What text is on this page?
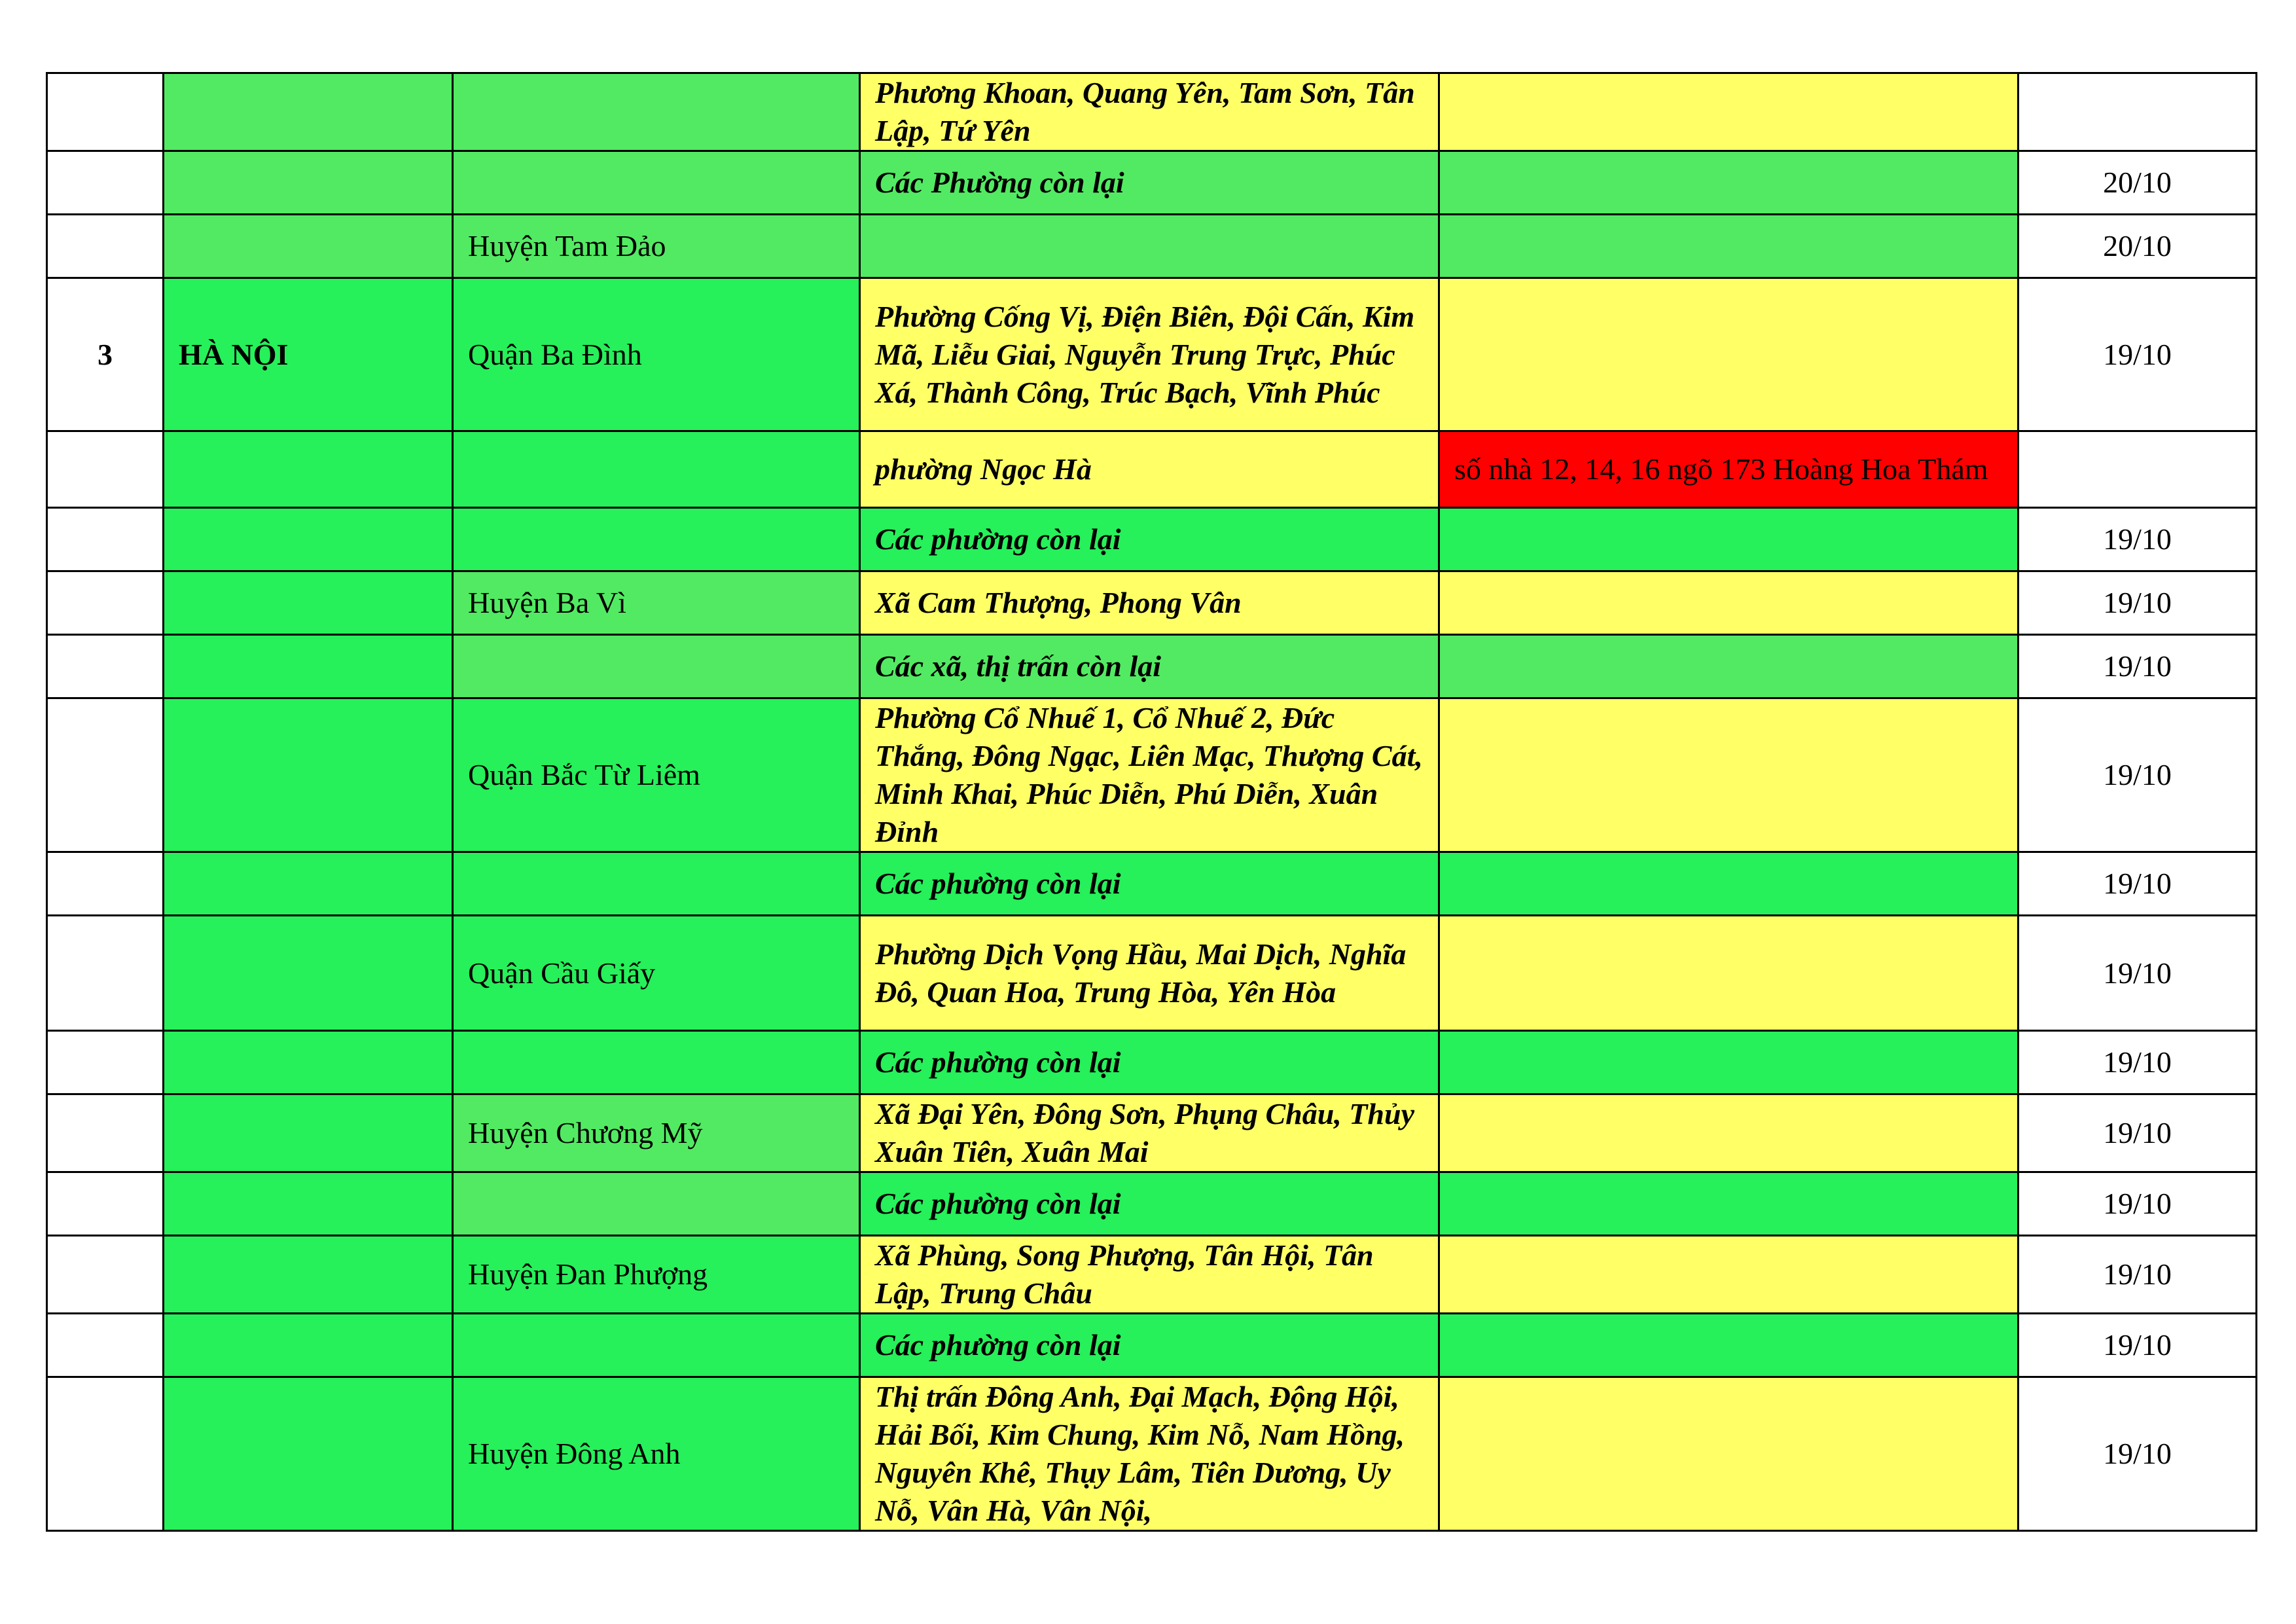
			Phương Khoan, Quang Yên, Tam Sơn, Tân Lập, Tứ Yên		
			Các Phường còn lại		20/10
		Huyện Tam Đảo			20/10
3	HÀ NỘI	Quận Ba Đình	Phường Cống Vị, Điện Biên, Đội Cấn, Kim Mã, Liễu Giai, Nguyễn Trung Trực, Phúc Xá, Thành Công, Trúc Bạch, Vĩnh Phúc		19/10
			phường Ngọc Hà	số nhà 12, 14, 16 ngõ 173 Hoàng Hoa Thám	
			Các phường còn lại		19/10
		Huyện Ba Vì	Xã Cam Thượng, Phong Vân		19/10
			Các xã, thị trấn còn lại		19/10
		Quận Bắc Từ Liêm	Phường Cổ Nhuế 1, Cổ Nhuế 2, Đức Thắng, Đông Ngạc, Liên Mạc, Thượng Cát, Minh Khai, Phúc Diễn, Phú Diễn, Xuân Đỉnh		19/10
			Các phường còn lại		19/10
		Quận Cầu Giấy	Phường Dịch Vọng Hầu, Mai Dịch, Nghĩa Đô, Quan Hoa, Trung Hòa, Yên Hòa		19/10
			Các phường còn lại		19/10
		Huyện Chương Mỹ	Xã Đại Yên, Đông Sơn, Phụng Châu, Thủy Xuân Tiên, Xuân Mai		19/10
			Các phường còn lại		19/10
		Huyện Đan Phượng	Xã Phùng, Song Phượng, Tân Hội, Tân Lập, Trung Châu		19/10
			Các phường còn lại		19/10
		Huyện Đông Anh	Thị trấn Đông Anh, Đại Mạch, Động Hội, Hải Bối, Kim Chung, Kim Nỗ, Nam Hồng, Nguyên Khê, Thụy Lâm, Tiên Dương, Uy Nỗ, Vân Hà, Vân Nội,		19/10
